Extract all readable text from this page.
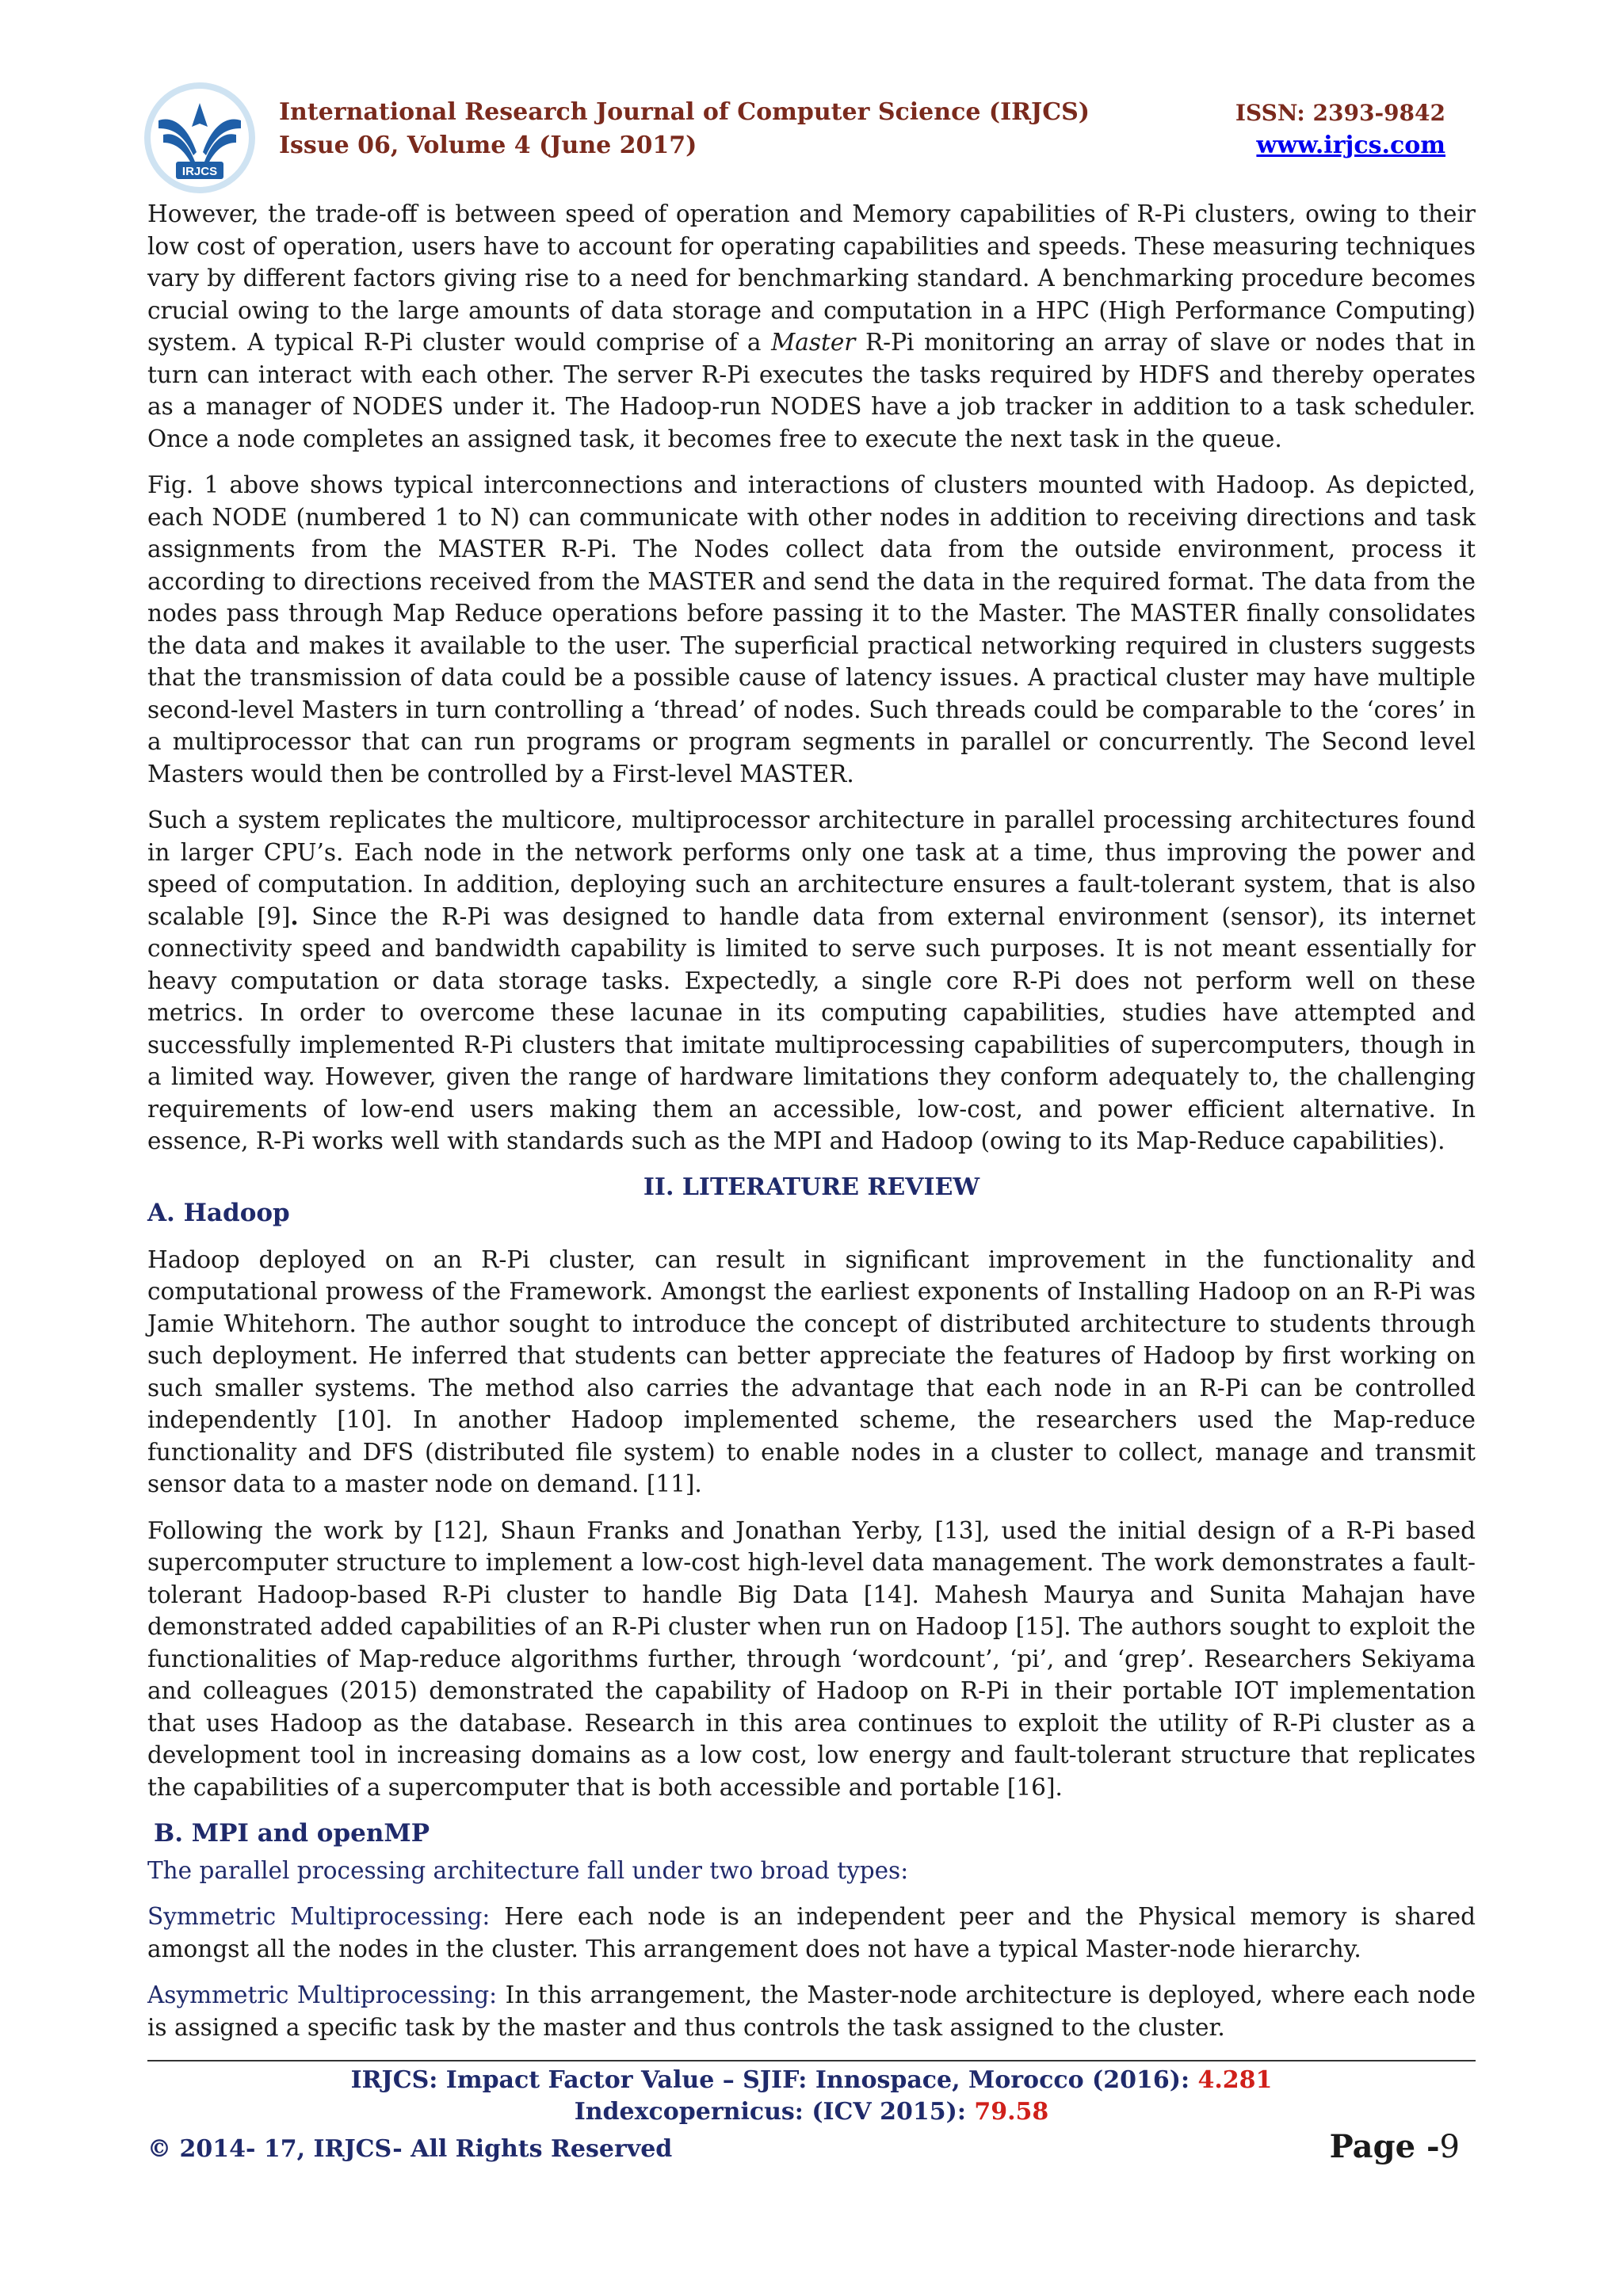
IRJCS
International Research Journal of Computer Science (IRJCS)
Issue 06, Volume 4 (June 2017)
ISSN: 2393-9842
www.irjcs.com

However, the trade-off is between speed of operation and Memory capabilities of R-Pi clusters, owing to their low cost of operation, users have to account for operating capabilities and speeds. These measuring techniques vary by different factors giving rise to a need for benchmarking standard. A benchmarking procedure becomes crucial owing to the large amounts of data storage and computation in a HPC (High Performance Computing) system. A typical R-Pi cluster would comprise of a Master R-Pi monitoring an array of slave or nodes that in turn can interact with each other. The server R-Pi executes the tasks required by HDFS and thereby operates as a manager of NODES under it. The Hadoop-run NODES have a job tracker in addition to a task scheduler. Once a node completes an assigned task, it becomes free to execute the next task in the queue.

Fig. 1 above shows typical interconnections and interactions of clusters mounted with Hadoop. As depicted, each NODE (numbered 1 to N) can communicate with other nodes in addition to receiving directions and task assignments from the MASTER R-Pi. The Nodes collect data from the outside environment, process it according to directions received from the MASTER and send the data in the required format. The data from the nodes pass through Map Reduce operations before passing it to the Master. The MASTER finally consolidates the data and makes it available to the user. The superficial practical networking required in clusters suggests that the transmission of data could be a possible cause of latency issues. A practical cluster may have multiple second-level Masters in turn controlling a ‘thread’ of nodes. Such threads could be comparable to the ‘cores’ in a multiprocessor that can run programs or program segments in parallel or concurrently. The Second level Masters would then be controlled by a First-level MASTER.

Such a system replicates the multicore, multiprocessor architecture in parallel processing architectures found in larger CPU’s. Each node in the network performs only one task at a time, thus improving the power and speed of computation. In addition, deploying such an architecture ensures a fault-tolerant system, that is also scalable [9]. Since the R-Pi was designed to handle data from external environment (sensor), its internet connectivity speed and bandwidth capability is limited to serve such purposes. It is not meant essentially for heavy computation or data storage tasks. Expectedly, a single core R-Pi does not perform well on these metrics. In order to overcome these lacunae in its computing capabilities, studies have attempted and successfully implemented R-Pi clusters that imitate multiprocessing capabilities of supercomputers, though in a limited way. However, given the range of hardware limitations they conform adequately to, the challenging requirements of low-end users making them an accessible, low-cost, and power efficient alternative. In essence, R-Pi works well with standards such as the MPI and Hadoop (owing to its Map-Reduce capabilities).

II. LITERATURE REVIEW
A. Hadoop

Hadoop deployed on an R-Pi cluster, can result in significant improvement in the functionality and computational prowess of the Framework. Amongst the earliest exponents of Installing Hadoop on an R-Pi was Jamie Whitehorn. The author sought to introduce the concept of distributed architecture to students through such deployment. He inferred that students can better appreciate the features of Hadoop by first working on such smaller systems. The method also carries the advantage that each node in an R-Pi can be controlled independently [10]. In another Hadoop implemented scheme, the researchers used the Map-reduce functionality and DFS (distributed file system) to enable nodes in a cluster to collect, manage and transmit sensor data to a master node on demand. [11].

Following the work by [12], Shaun Franks and Jonathan Yerby, [13], used the initial design of a R-Pi based supercomputer structure to implement a low-cost high-level data management. The work demonstrates a fault-tolerant Hadoop-based R-Pi cluster to handle Big Data [14]. Mahesh Maurya and Sunita Mahajan have demonstrated added capabilities of an R-Pi cluster when run on Hadoop [15]. The authors sought to exploit the functionalities of Map-reduce algorithms further, through ‘wordcount’, ‘pi’, and ‘grep’. Researchers Sekiyama and colleagues (2015) demonstrated the capability of Hadoop on R-Pi in their portable IOT implementation that uses Hadoop as the database. Research in this area continues to exploit the utility of R-Pi cluster as a development tool in increasing domains as a low cost, low energy and fault-tolerant structure that replicates the capabilities of a supercomputer that is both accessible and portable [16].

B. MPI and openMP
The parallel processing architecture fall under two broad types:

Symmetric Multiprocessing: Here each node is an independent peer and the Physical memory is shared amongst all the nodes in the cluster. This arrangement does not have a typical Master-node hierarchy.

Asymmetric Multiprocessing: In this arrangement, the Master-node architecture is deployed, where each node is assigned a specific task by the master and thus controls the task assigned to the cluster.

IRJCS: Impact Factor Value – SJIF: Innospace, Morocco (2016): 4.281
Indexcopernicus: (ICV 2015): 79.58
© 2014- 17, IRJCS- All Rights Reserved	Page -9
